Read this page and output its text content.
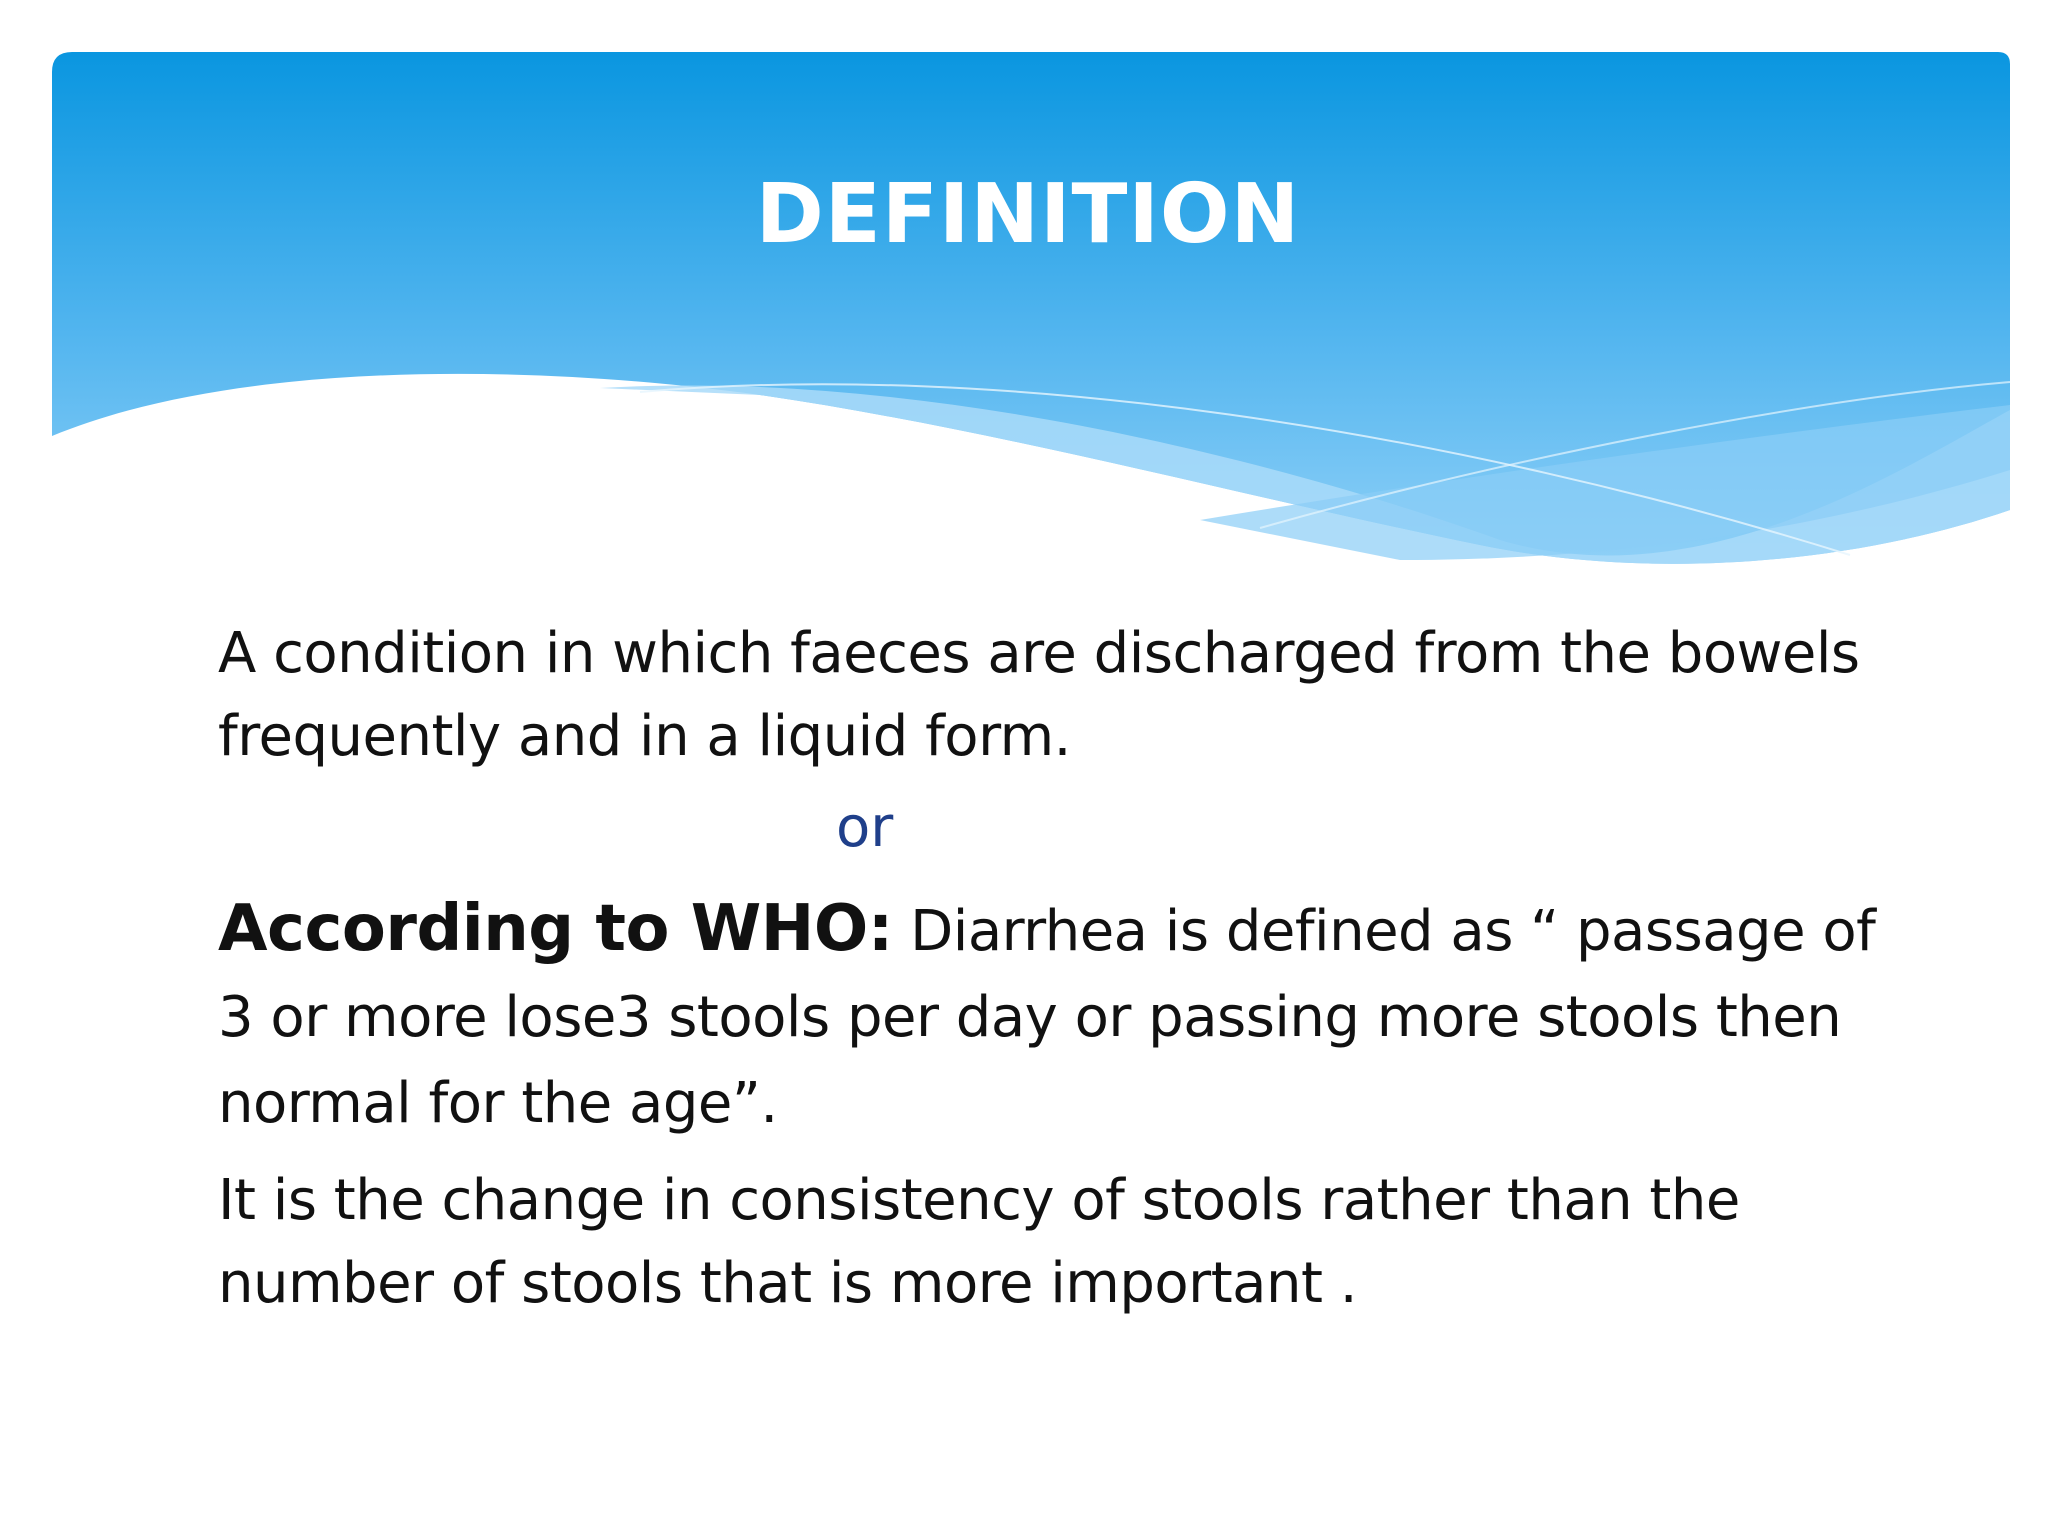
DEFINITION

A condition in which faeces are discharged from the bowels frequently and in a liquid form.

or

According to WHO: Diarrhea is defined as “ passage of 3 or more lose3 stools per day or passing more stools then normal for the age”.

It is the change in consistency of stools rather than the number of stools that is more important .
